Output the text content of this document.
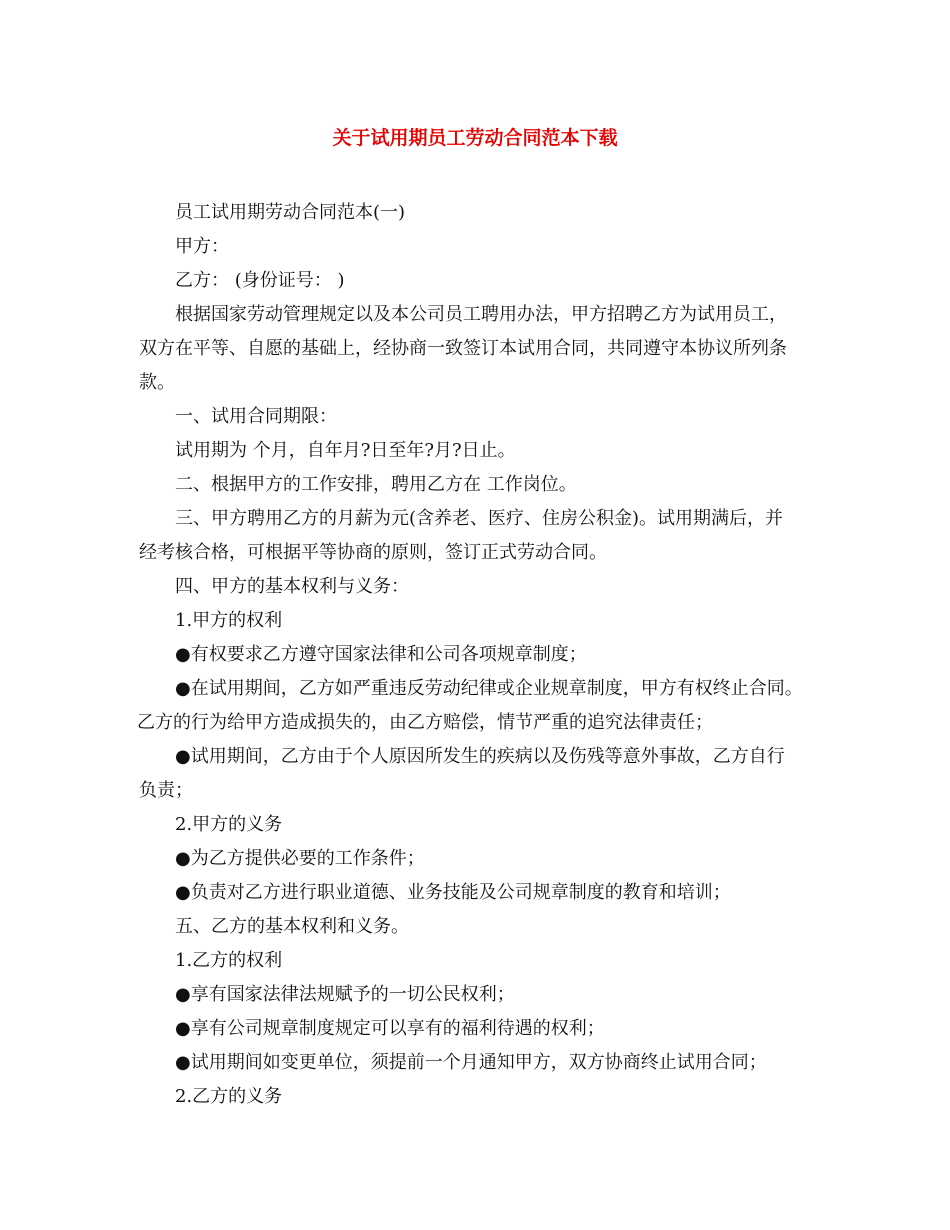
关于试用期员工劳动合同范本下载
员工试用期劳动合同范本(一)
甲方：
乙方： (身份证号： )
根据国家劳动管理规定以及本公司员工聘用办法，甲方招聘乙方为试用员工，
双方在平等、自愿的基础上，经协商一致签订本试用合同，共同遵守本协议所列条
款。
一、试用合同期限：
试用期为 个月，自年月?日至年?月?日止。
二、根据甲方的工作安排，聘用乙方在 工作岗位。
三、甲方聘用乙方的月薪为元(含养老、医疗、住房公积金)。试用期满后，并
经考核合格，可根据平等协商的原则，签订正式劳动合同。
四、甲方的基本权利与义务：
1.甲方的权利
●有权要求乙方遵守国家法律和公司各项规章制度；
●在试用期间，乙方如严重违反劳动纪律或企业规章制度，甲方有权终止合同。
乙方的行为给甲方造成损失的，由乙方赔偿，情节严重的追究法律责任；
●试用期间，乙方由于个人原因所发生的疾病以及伤残等意外事故，乙方自行
负责；
2.甲方的义务
●为乙方提供必要的工作条件；
●负责对乙方进行职业道德、业务技能及公司规章制度的教育和培训；
五、乙方的基本权利和义务。
1.乙方的权利
●享有国家法律法规赋予的一切公民权利；
●享有公司规章制度规定可以享有的福利待遇的权利；
●试用期间如变更单位，须提前一个月通知甲方，双方协商终止试用合同；
2.乙方的义务
